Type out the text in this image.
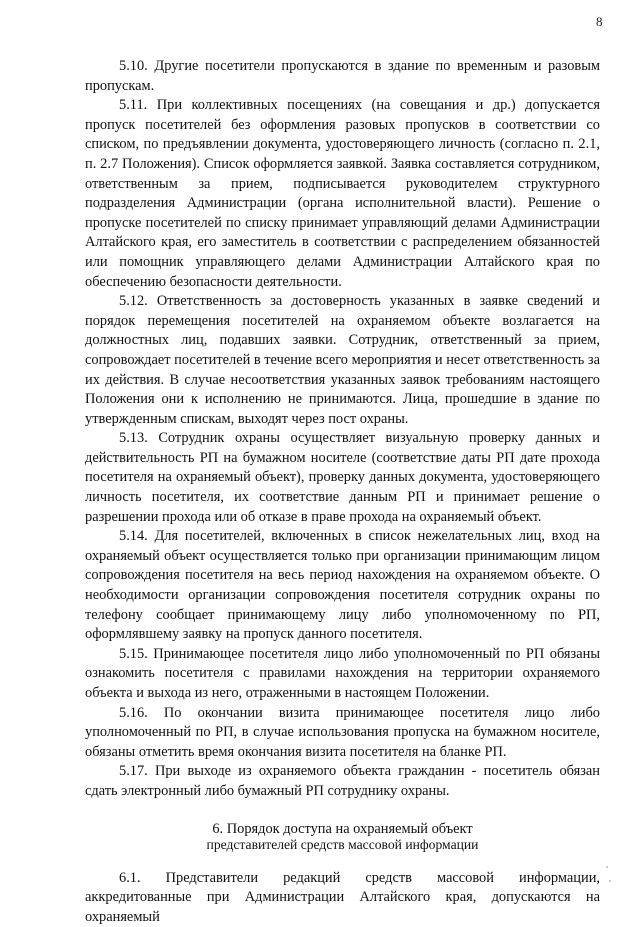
8

5.10. Другие посетители пропускаются в здание по временным и разовым пропускам.

5.11. При коллективных посещениях (на совещания и др.) допускается пропуск посетителей без оформления разовых пропусков в соответствии со списком, по предъявлении документа, удостоверяющего личность (согласно п. 2.1, п. 2.7 Положения). Список оформляется заявкой. Заявка составляется сотрудником, ответственным за прием, подписывается руководителем структурного подразделения Администрации (органа исполнительной власти). Решение о пропуске посетителей по списку принимает управляющий делами Администрации Алтайского края, его заместитель в соответствии с распределением обязанностей или помощник управляющего делами Администрации Алтайского края по обеспечению безопасности деятельности.

5.12. Ответственность за достоверность указанных в заявке сведений и порядок перемещения посетителей на охраняемом объекте возлагается на должностных лиц, подавших заявки. Сотрудник, ответственный за прием, сопровождает посетителей в течение всего мероприятия и несет ответственность за их действия. В случае несоответствия указанных заявок требованиям настоящего Положения они к исполнению не принимаются. Лица, прошедшие в здание по утвержденным спискам, выходят через пост охраны.

5.13. Сотрудник охраны осуществляет визуальную проверку данных и действительность РП на бумажном носителе (соответствие даты РП дате прохода посетителя на охраняемый объект), проверку данных документа, удостоверяющего личность посетителя, их соответствие данным РП и принимает решение о разрешении прохода или об отказе в праве прохода на охраняемый объект.

5.14. Для посетителей, включенных в список нежелательных лиц, вход на охраняемый объект осуществляется только при организации принимающим лицом сопровождения посетителя на весь период нахождения на охраняемом объекте. О необходимости организации сопровождения посетителя сотрудник охраны по телефону сообщает принимающему лицу либо уполномоченному по РП, оформлявшему заявку на пропуск данного посетителя.

5.15. Принимающее посетителя лицо либо уполномоченный по РП обязаны ознакомить посетителя с правилами нахождения на территории охраняемого объекта и выхода из него, отраженными в настоящем Положении.

5.16. По окончании визита принимающее посетителя лицо либо уполномоченный по РП, в случае использования пропуска на бумажном носителе, обязаны отметить время окончания визита посетителя на бланке РП.

5.17. При выходе из охраняемого объекта гражданин - посетитель обязан сдать электронный либо бумажный РП сотруднику охраны.

6. Порядок доступа на охраняемый объект
представителей средств массовой информации

6.1. Представители редакций средств массовой информации, аккредитованные при Администрации Алтайского края, допускаются на охраняемый
